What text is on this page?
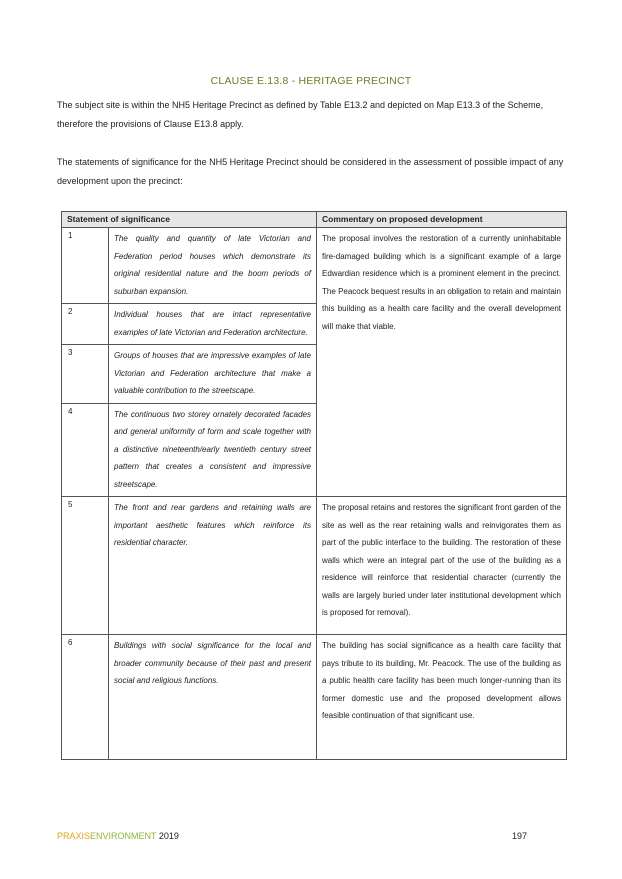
CLAUSE E.13.8 - HERITAGE PRECINCT
The subject site is within the NH5 Heritage Precinct as defined by Table E13.2 and depicted on Map E13.3 of the Scheme, therefore the provisions of Clause E13.8 apply.
The statements of significance for the NH5 Heritage Precinct should be considered in the assessment of possible impact of any development upon the precinct:
Statement of significance		Commentary on proposed development
1	The quality and quantity of late Victorian and Federation period houses which demonstrate its original residential nature and the boom periods of suburban expansion.	The proposal involves the restoration of a currently uninhabitable fire-damaged building which is a significant example of a large Edwardian residence which is a prominent element in the precinct. The Peacock bequest results in an obligation to retain and maintain this building as a health care facility and the overall development will make that viable.
2	Individual houses that are intact representative examples of late Victorian and Federation architecture.	
3	Groups of houses that are impressive examples of late Victorian and Federation architecture that make a valuable contribution to the streetscape.	
4	The continuous two storey ornately decorated facades and general uniformity of form and scale together with a distinctive nineteenth/early twentieth century street pattern that creates a consistent and impressive streetscape.	
5	The front and rear gardens and retaining walls are important aesthetic features which reinforce its residential character.	The proposal retains and restores the significant front garden of the site as well as the rear retaining walls and reinvigorates them as part of the public interface to the building. The restoration of these walls which were an integral part of the use of the building as a residence will reinforce that residential character (currently the walls are largely buried under later institutional development which is proposed for removal).
6	Buildings with social significance for the local and broader community because of their past and present social and religious functions.	The building has social significance as a health care facility that pays tribute to its building, Mr. Peacock. The use of the building as a public health care facility has been much longer-running than its former domestic use and the proposed development allows feasible continuation of that significant use.
PRAXISENVIRONMENT 2019	197
